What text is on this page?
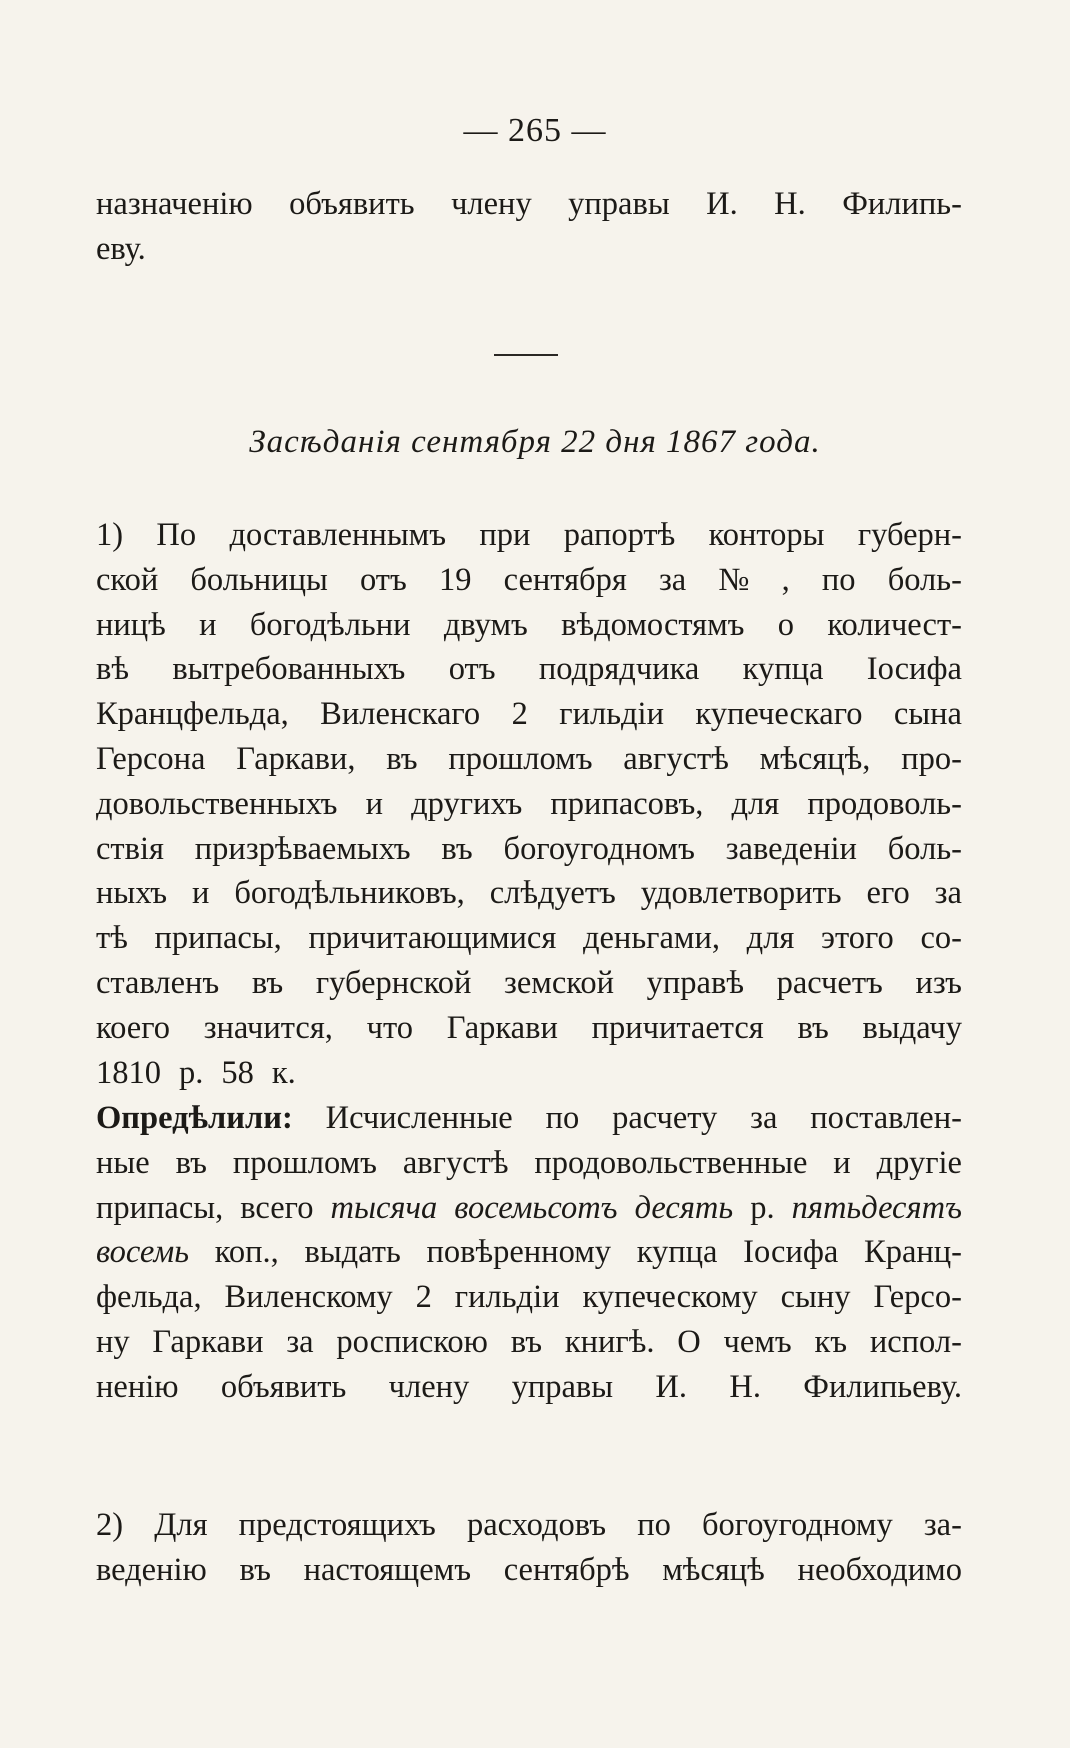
— 265 —
назначенію объявить члену управы И. Н. Филипь-
еву.
Засѣданія сентября 22 дня 1867 года.
1) По доставленнымъ при рапортѣ конторы губерн-
ской больницы отъ 19 сентября за № , по боль-
ницѣ и богодѣльни двумъ вѣдомостямъ о количест-
вѣ вытребованныхъ отъ подрядчика купца Іосифа
Кранцфельда, Виленскаго 2 гильдіи купеческаго сына
Герсона Гаркави, въ прошломъ августѣ мѣсяцѣ, про-
довольственныхъ и другихъ припасовъ, для продоволь-
ствія призрѣваемыхъ въ богоугодномъ заведеніи боль-
ныхъ и богодѣльниковъ, слѣдуетъ удовлетворить его за
тѣ припасы, причитающимися деньгами, для этого со-
ставленъ въ губернской земской управѣ расчетъ изъ
коего значится, что Гаркави причитается въ выдачу
1810 р. 58 к.
Опредѣлили: Исчисленные по расчету за поставлен-
ные въ прошломъ августѣ продовольственные и другіе
припасы, всего тысяча восемьсотъ десять р. пятьдесятъ
восемь коп., выдать повѣренному купца Іосифа Кранц-
фельда, Виленскому 2 гильдіи купеческому сыну Герсо-
ну Гаркави за роспискою въ книгѣ. О чемъ къ испол-
ненію объявить члену управы И. Н. Филипьеву.
2) Для предстоящихъ расходовъ по богоугодному за-
веденію въ настоящемъ сентябрѣ мѣсяцѣ необходимо
